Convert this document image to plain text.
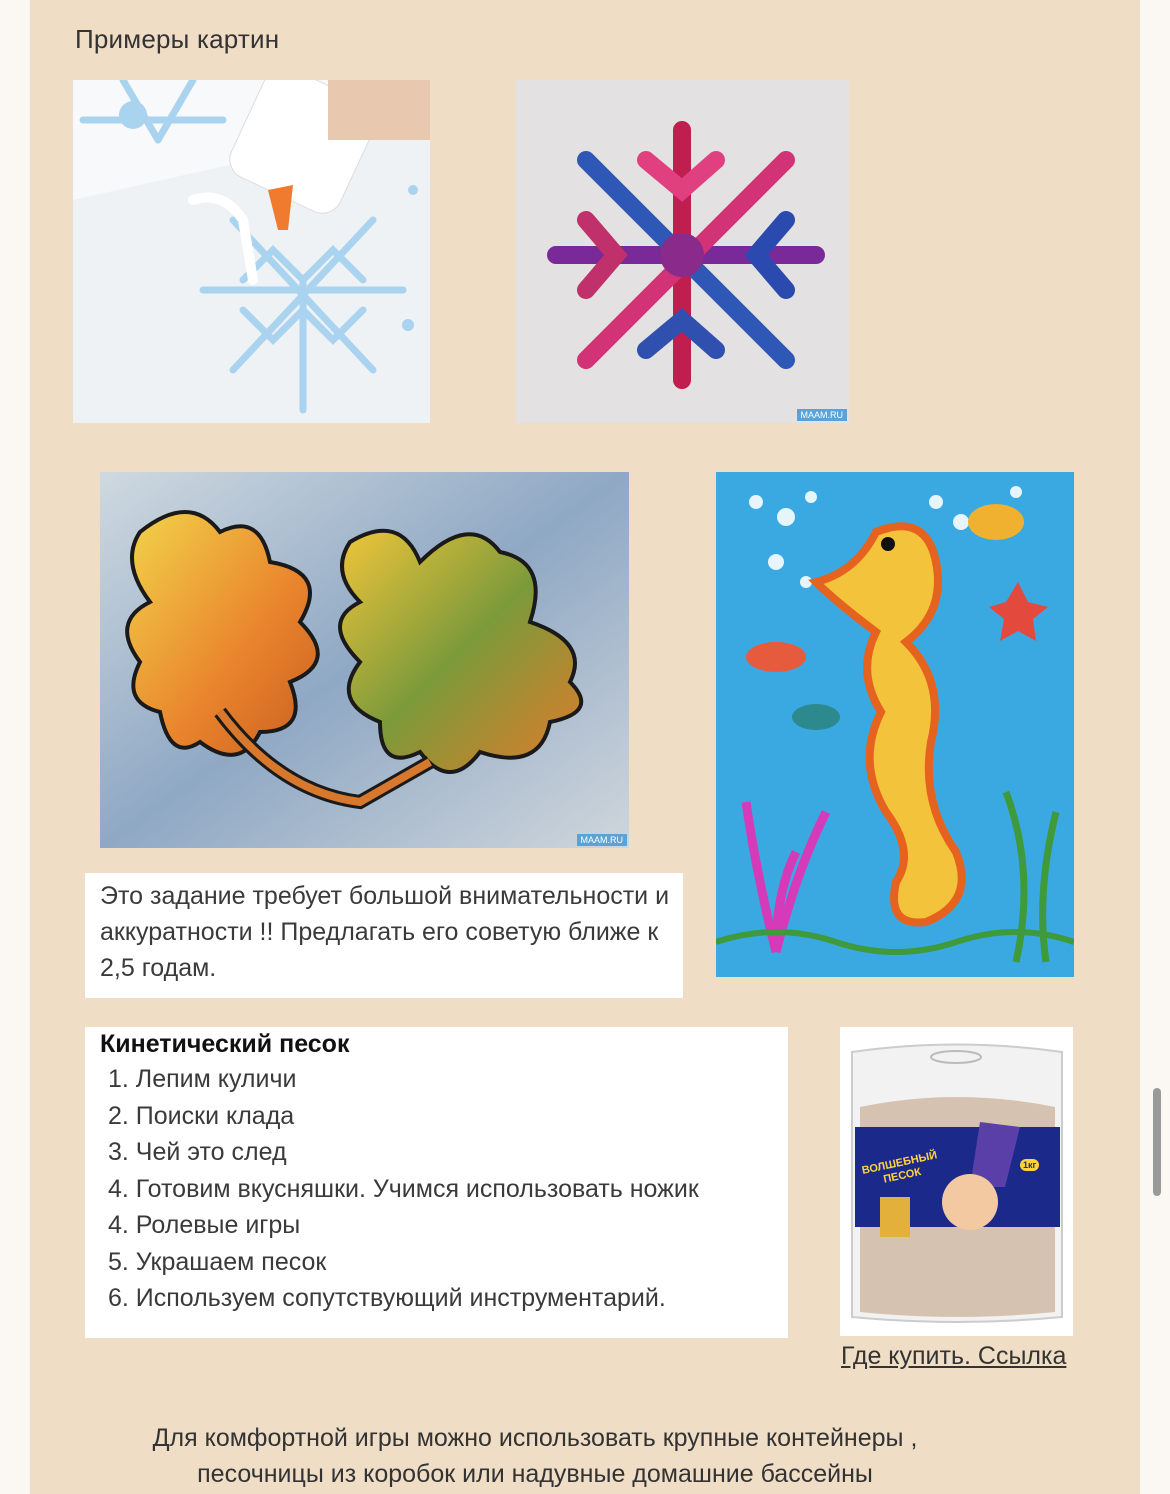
Примеры картин
MAAM.RU
MAAM.RU
Это задание требует большой внимательности и аккуратности !! Предлагать его советую ближе к 2,5 годам.
Кинетический песок
1. Лепим куличи
2. Поиски клада
3. Чей это след
4. Готовим вкусняшки. Учимся использовать ножик
4. Ролевые игры
5. Украшаем песок
6. Используем сопутствующий инструментарий.
ВОЛШЕБНЫЙ ПЕСОК
1кг
Где купить. Ссылка
Для комфортной игры можно использовать крупные контейнеры ,
песочницы из коробок или надувные домашние бассейны
